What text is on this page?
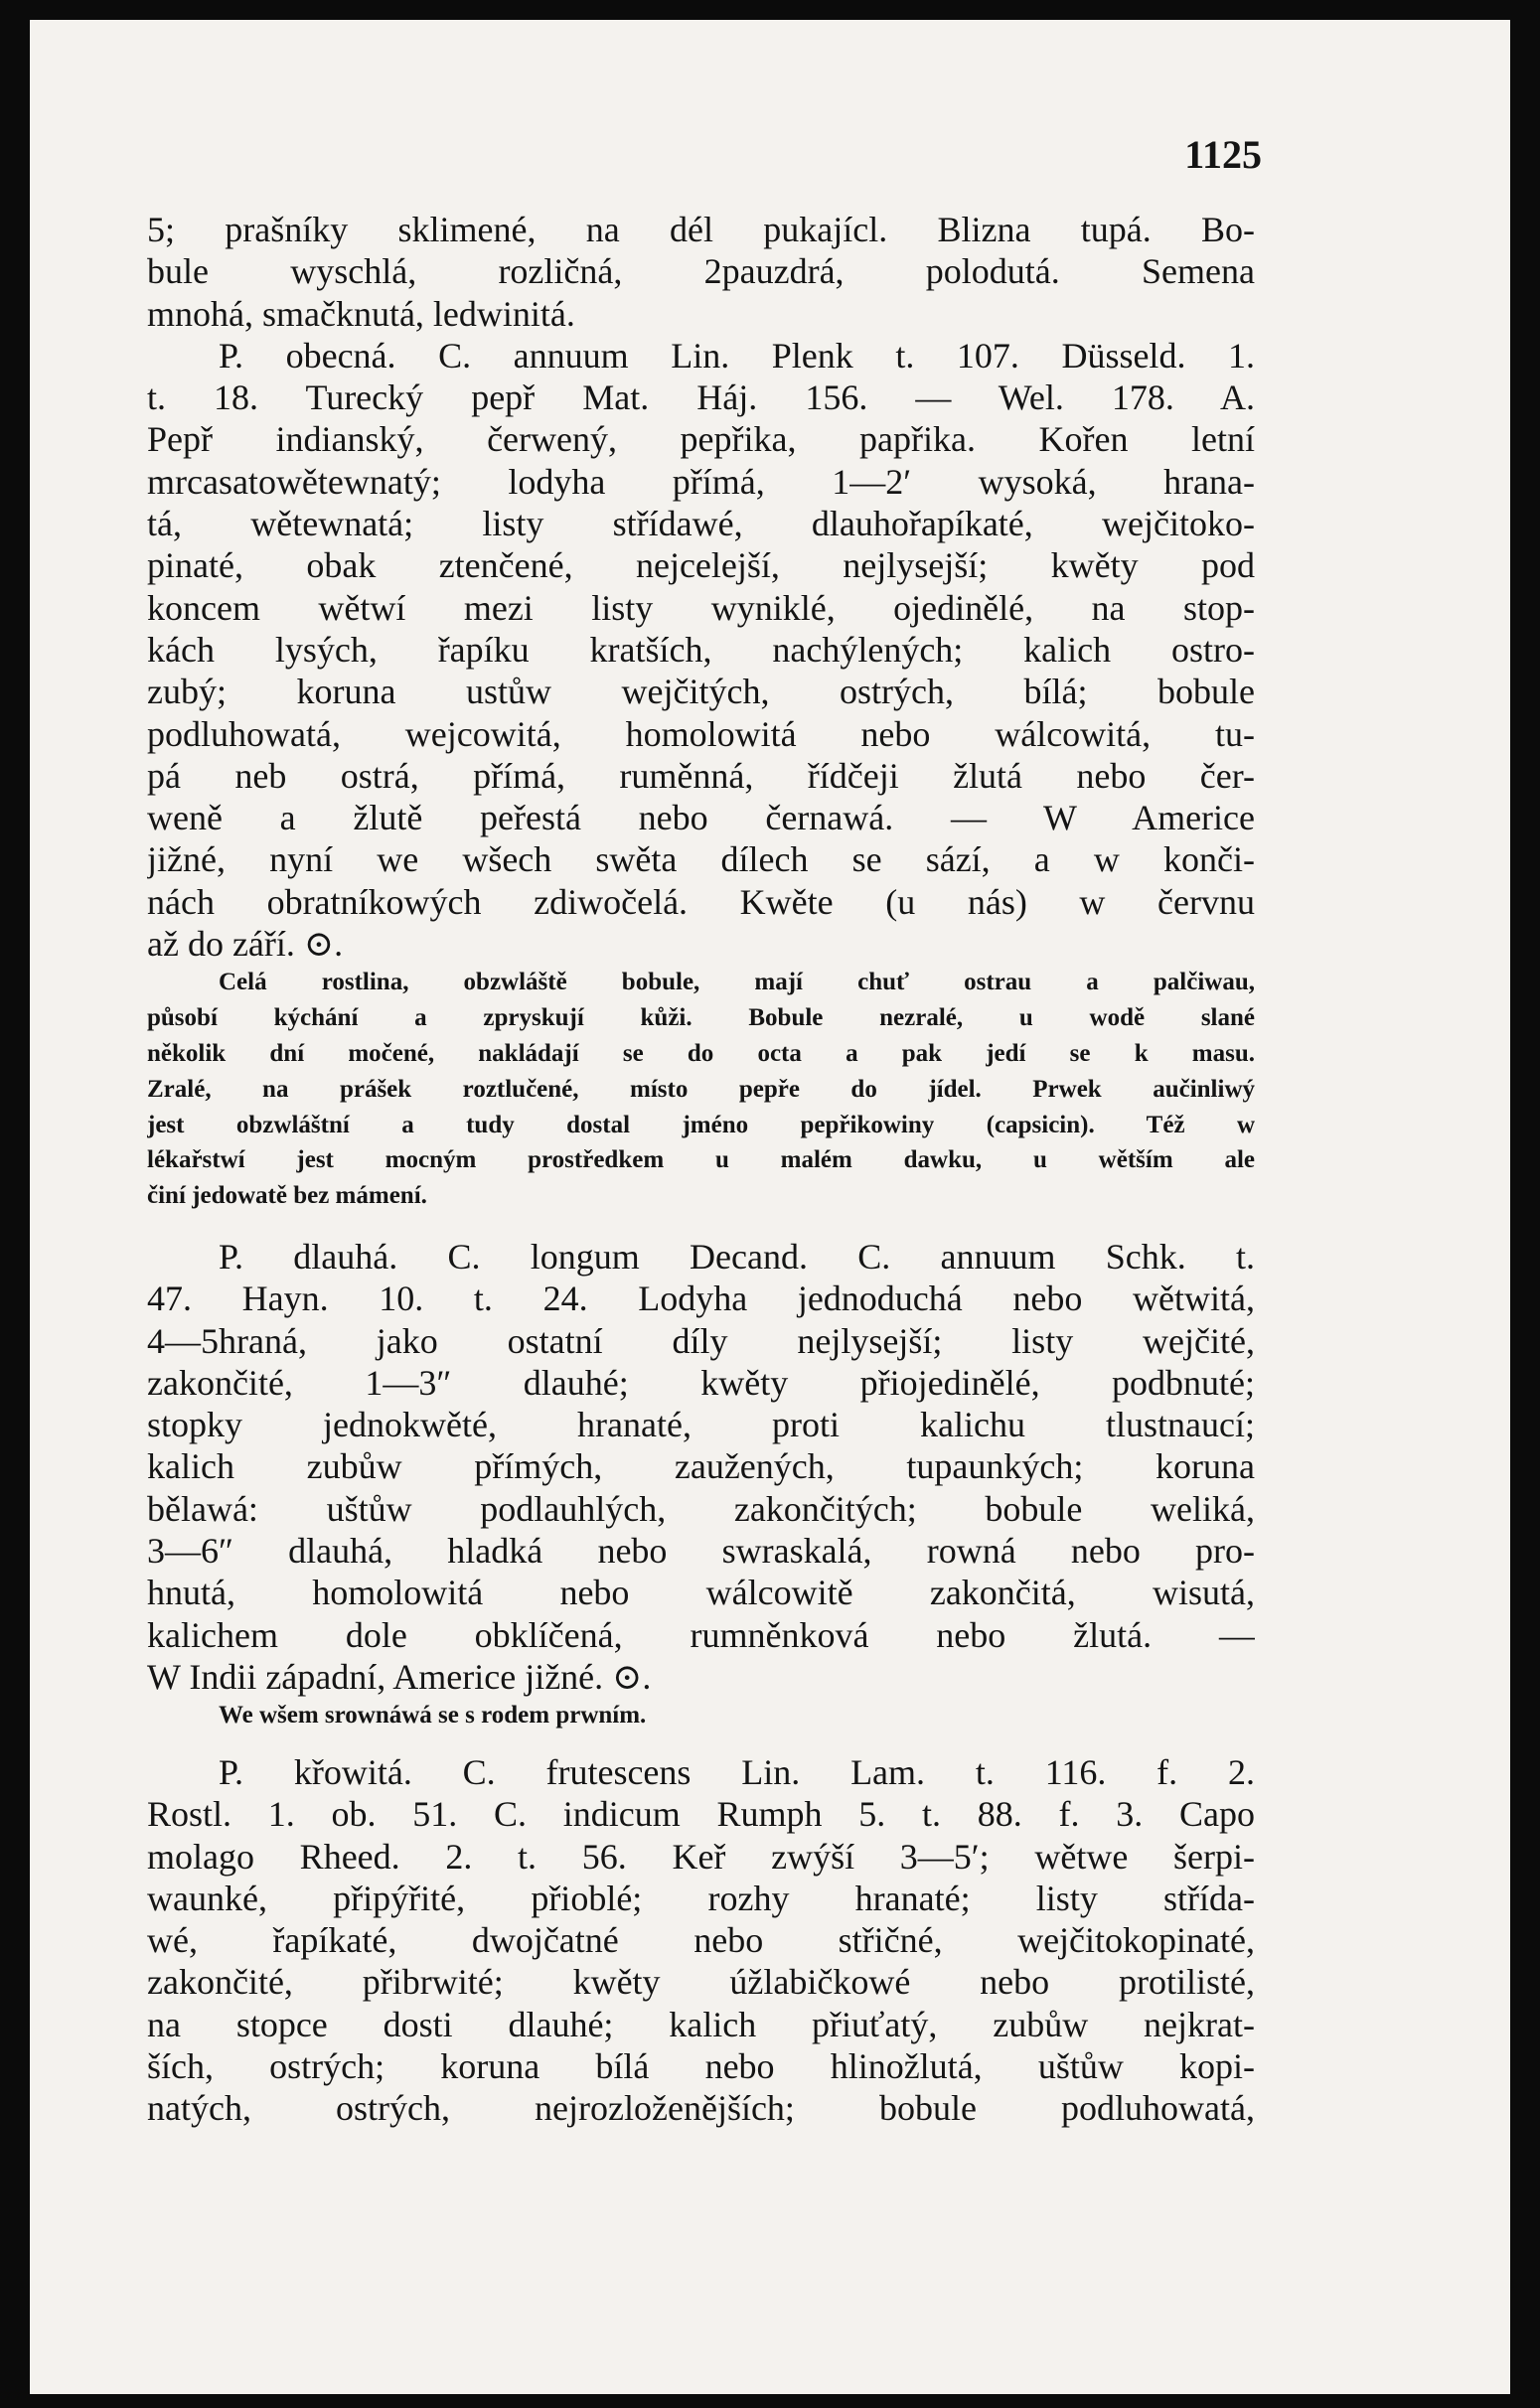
1125
5; prašníky sklimené, na dél pukajícl. Blizna tupá. Bo-
bule wyschlá, rozličná, 2pauzdrá, polodutá. Semena
mnohá, smačknutá, ledwinitá.
P. obecná. C. annuum Lin. Plenk t. 107. Düsseld. 1.
t. 18. Turecký pepř Mat. Háj. 156. — Wel. 178. A.
Pepř indianský, čerwený, pepřika, papřika. Kořen letní
mrcasatowětewnatý; lodyha přímá, 1—2′ wysoká, hrana-
tá, wětewnatá; listy střídawé, dlauhořapíkaté, wejčitoko-
pinaté, obak ztenčené, nejcelejší, nejlysejší; kwěty pod
koncem wětwí mezi listy wyniklé, ojedinělé, na stop-
kách lysých, řapíku kratších, nachýlených; kalich ostro-
zubý; koruna ustůw wejčitých, ostrých, bílá; bobule
podluhowatá, wejcowitá, homolowitá nebo wálcowitá, tu-
pá neb ostrá, přímá, ruměnná, řídčeji žlutá nebo čer-
weně a žlutě peřestá nebo černawá. — W Americe
jižné, nyní we wšech swěta dílech se sází, a w konči-
nách obratníkowých zdiwočelá. Kwěte (u nás) w červnu
až do září. ⊙.
Celá rostlina, obzwláště bobule, mají chuť ostrau a palčiwau,
působí kýchání a zpryskují kůži. Bobule nezralé, u wodě slané
několik dní močené, nakládají se do octa a pak jedí se k masu.
Zralé, na prášek roztlučené, místo pepře do jídel. Prwek aučinliwý
jest obzwláštní a tudy dostal jméno pepřikowiny (capsicin). Též w
lékařstwí jest mocným prostředkem u malém dawku, u wětším ale
činí jedowatě bez mámení.
P. dlauhá. C. longum Decand. C. annuum Schk. t.
47. Hayn. 10. t. 24. Lodyha jednoduchá nebo wětwitá,
4—5hraná, jako ostatní díly nejlysejší; listy wejčité,
zakončité, 1—3″ dlauhé; kwěty přiojedinělé, podbnuté;
stopky jednokwěté, hranaté, proti kalichu tlustnaucí;
kalich zubůw přímých, zaužených, tupaunkých; koruna
bělawá: uštůw podlauhlých, zakončitých; bobule weliká,
3—6″ dlauhá, hladká nebo swraskalá, rowná nebo pro-
hnutá, homolowitá nebo wálcowitě zakončitá, wisutá,
kalichem dole obklíčená, rumněnková nebo žlutá. —
W Indii západní, Americe jižné. ⊙.
We wšem srownáwá se s rodem prwním.
P. křowitá. C. frutescens Lin. Lam. t. 116. f. 2.
Rostl. 1. ob. 51. C. indicum Rumph 5. t. 88. f. 3. Capo
molago Rheed. 2. t. 56. Keř zwýší 3—5′; wětwe šerpi-
waunké, připýřité, přioblé; rozhy hranaté; listy střída-
wé, řapíkaté, dwojčatné nebo střičné, wejčitokopinaté,
zakončité, přibrwité; kwěty úžlabičkowé nebo protilisté,
na stopce dosti dlauhé; kalich přiuťatý, zubůw nejkrat-
ších, ostrých; koruna bílá nebo hlinožlutá, uštůw kopi-
natých, ostrých, nejrozloženějších; bobule podluhowatá,
